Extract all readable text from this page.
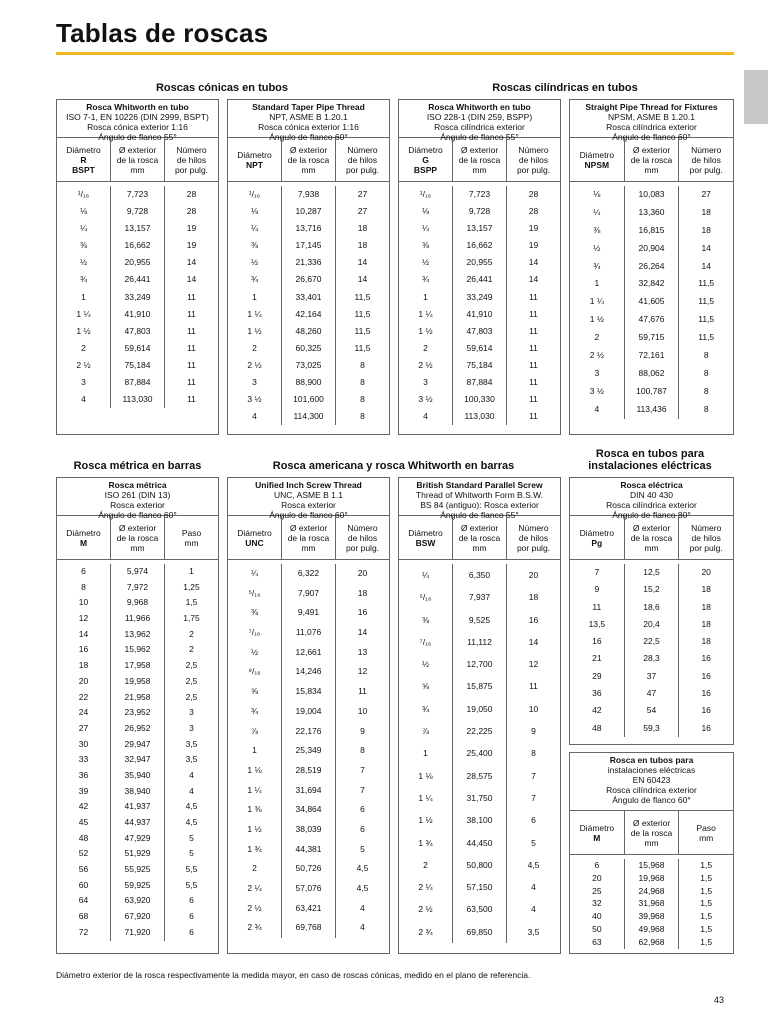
Tablas de roscas
Roscas cónicas en tubos	Roscas cilíndricas en tubos
Rosca métrica en barras	Rosca americana y rosca Whitworth en barras
Rosca en tubos para
instalaciones eléctricas
Rosca Whitworth en tubo
ISO 7-1, EN 10226 (DIN 2999, BSPT)
Rosca cónica exterior 1:16
Ángulo de flanco 55°
Diámetro
R
BSPT
Ø exterior
de la rosca
mm
Número
de hilos
por pulg.
¹/₁₆
⅛
¼
⅜
½
¾
1
1 ¼
1 ½
2
2 ½
3
4
7,723
9,728
13,157
16,662
20,955
26,441
33,249
41,910
47,803
59,614
75,184
87,884
113,030
28
28
19
19
14
14
11
11
11
11
11
11
11
Standard Taper Pipe Thread
NPT, ASME B 1.20.1
Rosca cónica exterior 1:16
Ángulo de flanco 60°
Diámetro
NPT
Ø exterior
de la rosca
mm
Número
de hilos
por pulg.
¹/₁₆
⅛
¼
⅜
½
¾
1
1 ¼
1 ½
2
2 ½
3
3 ½
4
7,938
10,287
13,716
17,145
21,336
26,670
33,401
42,164
48,260
60,325
73,025
88,900
101,600
114,300
27
27
18
18
14
14
11,5
11,5
11,5
11,5
8
8
8
8
Rosca Whitworth en tubo
ISO 228-1 (DIN 259, BSPP)
Rosca cilíndrica exterior
Ángulo de flanco 55°
Diámetro
G
BSPP
Ø exterior
de la rosca
mm
Número
de hilos
por pulg.
¹/₁₆
⅛
¼
⅜
½
¾
1
1 ¼
1 ½
2
2 ½
3
3 ½
4
7,723
9,728
13,157
16,662
20,955
26,441
33,249
41,910
47,803
59,614
75,184
87,884
100,330
113,030
28
28
19
19
14
14
11
11
11
11
11
11
11
11
Straight Pipe Thread for Fixtures
NPSM, ASME B 1.20.1
Rosca cilíndrica exterior
Ángulo de flanco 60°
Diámetro
NPSM
Ø exterior
de la rosca
mm
Número
de hilos
por pulg.
⅛
¼
⅜
½
¾
1
1 ¼
1 ½
2
2 ½
3
3 ½
4
10,083
13,360
16,815
20,904
26,264
32,842
41,605
47,676
59,715
72,161
88,062
100,787
113,436
27
18
18
14
14
11,5
11,5
11,5
11,5
8
8
8
8
Rosca métrica
ISO 261 (DIN 13)
Rosca exterior
Ángulo de flanco 60°
Diámetro
M
Ø exterior
de la rosca
mm
Paso
mm
6
8
10
12
14
16
18
20
22
24
27
30
33
36
39
42
45
48
52
56
60
64
68
72
5,974
7,972
9,968
11,966
13,962
15,962
17,958
19,958
21,958
23,952
26,952
29,947
32,947
35,940
38,940
41,937
44,937
47,929
51,929
55,925
59,925
63,920
67,920
71,920
1
1,25
1,5
1,75
2
2
2,5
2,5
2,5
3
3
3,5
3,5
4
4
4,5
4,5
5
5
5,5
5,5
6
6
6
Unified Inch Screw Thread
UNC, ASME B 1.1
Rosca exterior
Ángulo de flanco 60°
Diámetro
UNC
Ø exterior
de la rosca
mm
Número
de hilos
por pulg.
¼
⁵/₁₆
⅜
⁷/₁₆
½
⁹/₁₆
⅝
¾
⅞
1
1 ⅛
1 ¼
1 ⅜
1 ½
1 ¾
2
2 ¼
2 ½
2 ¾
6,322
7,907
9,491
11,076
12,661
14,246
15,834
19,004
22,176
25,349
28,519
31,694
34,864
38,039
44,381
50,726
57,076
63,421
69,768
20
18
16
14
13
12
11
10
9
8
7
7
6
6
5
4,5
4,5
4
4
British Standard Parallel Screw
Thread of Whitworth Form B.S.W.
BS 84 (antiguo): Rosca exterior
Ángulo de flanco 55°
Diámetro
BSW
Ø exterior
de la rosca
mm
Número
de hilos
por pulg.
¼
⁵/₁₆
⅜
⁷/₁₆
½
⅝
¾
⅞
1
1 ⅛
1 ¼
1 ½
1 ¾
2
2 ¼
2 ½
2 ¾
6,350
7,937
9,525
11,112
12,700
15,875
19,050
22,225
25,400
28,575
31,750
38,100
44,450
50,800
57,150
63,500
69,850
20
18
16
14
12
11
10
9
8
7
7
6
5
4,5
4
4
3,5
Rosca eléctrica
DIN 40 430
Rosca cilíndrica exterior
Ángulo de flanco 80°
Diámetro
Pg
Ø exterior
de la rosca
mm
Número
de hilos
por pulg.
7
9
11
13,5
16
21
29
36
42
48
12,5
15,2
18,6
20,4
22,5
28,3
37
47
54
59,3
20
18
18
18
18
16
16
16
16
16
Rosca en tubos para
instalaciones eléctricas
EN 60423
Rosca cilíndrica exterior
Ángulo de flanco 60°
Diámetro
M
Ø exterior
de la rosca
mm
Paso
mm
6
20
25
32
40
50
63
15,968
19,968
24,968
31,968
39,968
49,968
62,968
1,5
1,5
1,5
1,5
1,5
1,5
1,5
Diámetro exterior de la rosca respectivamente la medida mayor, en caso de roscas cónicas, medido en el plano de referencia.
43
